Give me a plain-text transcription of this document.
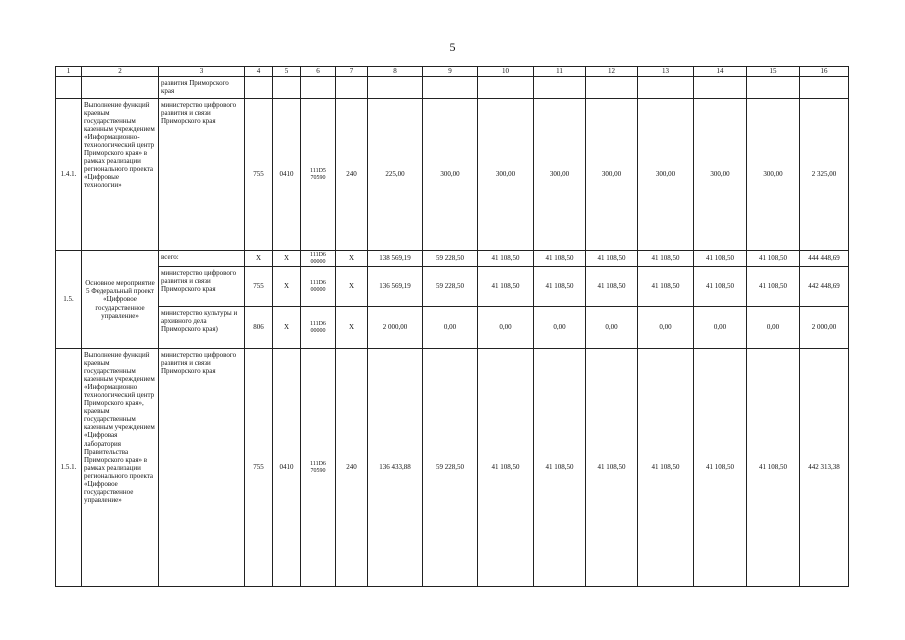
5
1	2	3	4	5	6	7	8	9	10	11	12	13	14	15	16
		развития Приморского края													
1.4.1.	Выполнение функций краевым государственным казенным учреждением «Информационно-технологический центр Приморского края» в рамках реализации регионального проекта «Цифровые технологии»	министерство цифрового развития и связи Приморского края	755	0410	111D5 70590	240	225,00	300,00	300,00	300,00	300,00	300,00	300,00	300,00	2 325,00
1.5.	Основное мероприятие 5 Федеральный проект «Цифровое государственное управление»	всего:	X	X	111D6 00000	X	138 569,19	59 228,50	41 108,50	41 108,50	41 108,50	41 108,50	41 108,50	41 108,50	444 448,69
		министерство цифрового развития и связи Приморского края	755	X	111D6 00000	X	136 569,19	59 228,50	41 108,50	41 108,50	41 108,50	41 108,50	41 108,50	41 108,50	442 448,69
		министерство культуры и архивного дела Приморского края)	806	X	111D6 00000	X	2 000,00	0,00	0,00	0,00	0,00	0,00	0,00	0,00	2 000,00
1.5.1.	Выполнение функций краевым государственным казенным учреждением «Информационно технологический центр Приморского края», краевым государственным казенным учреждением «Цифровая лаборатория Правительства Приморского края» в рамках реализации регионального проекта «Цифровое государственное управление»	министерство цифрового развития и связи Приморского края	755	0410	111D6 70590	240	136 433,88	59 228,50	41 108,50	41 108,50	41 108,50	41 108,50	41 108,50	41 108,50	442 313,38
